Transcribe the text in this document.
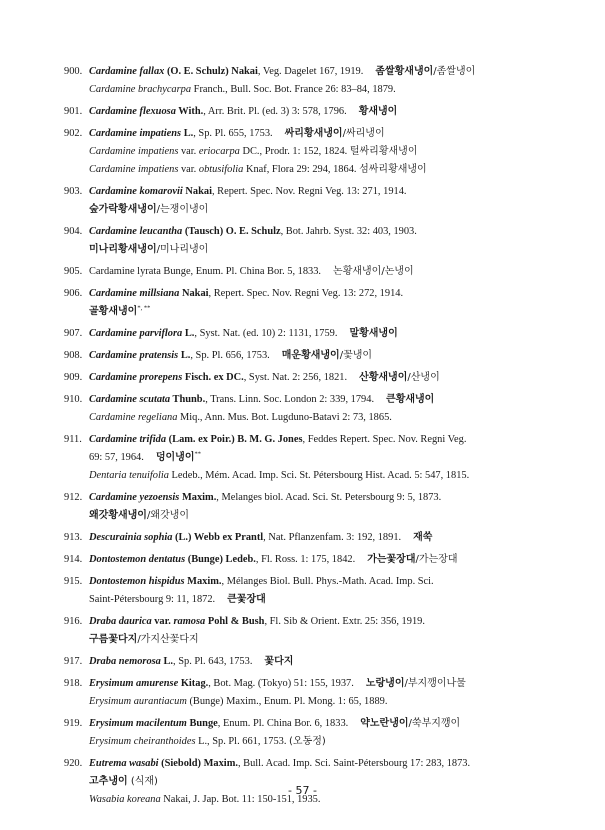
900. Cardamine fallax (O. E. Schulz) Nakai, Veg. Dagelet 167, 1919. 좀쌀황새냉이/좀쌀냉이
Cardamine brachycarpa Franch., Bull. Soc. Bot. France 26: 83–84, 1879.
901. Cardamine flexuosa With., Arr. Brit. Pl. (ed. 3) 3: 578, 1796. 황새냉이
902. Cardamine impatiens L., Sp. Pl. 655, 1753. 싸리황새냉이/싸리냉이
Cardamine impatiens var. eriocarpa DC., Prodr. 1: 152, 1824. 털싸리황새냉이
Cardamine impatiens var. obtusifolia Knaf, Flora 29: 294, 1864. 섬싸리황새냉이
903. Cardamine komarovii Nakai, Repert. Spec. Nov. Regni Veg. 13: 271, 1914.
숲가락황새냉이/는쟁이냉이
904. Cardamine leucantha (Tausch) O. E. Schulz, Bot. Jahrb. Syst. 32: 403, 1903.
미나리황새냉이/미나리냉이
905. Cardamine lyrata Bunge, Enum. Pl. China Bor. 5, 1833. 논황새냉이/논냉이
906. Cardamine millsiana Nakai, Repert. Spec. Nov. Regni Veg. 13: 272, 1914.
골황새냉이*, **
907. Cardamine parviflora L., Syst. Nat. (ed. 10) 2: 1131, 1759. 말황새냉이
908. Cardamine pratensis L., Sp. Pl. 656, 1753. 매운황새냉이/꽃냉이
909. Cardamine prorepens Fisch. ex DC., Syst. Nat. 2: 256, 1821. 산황새냉이/산냉이
910. Cardamine scutata Thunb., Trans. Linn. Soc. London 2: 339, 1794. 큰황새냉이
Cardamine regeliana Miq., Ann. Mus. Bot. Lugduno-Batavi 2: 73, 1865.
911. Cardamine trifida (Lam. ex Poir.) B. M. G. Jones, Feddes Repert. Spec. Nov. Regni Veg.
69: 57, 1964. 덩이냉이**
Dentaria tenuifolia Ledeb., Mém. Acad. Imp. Sci. St. Pétersbourg Hist. Acad. 5: 547, 1815.
912. Cardamine yezoensis Maxim., Melanges biol. Acad. Sci. St. Petersbourg 9: 5, 1873.
왜갓황새냉이/왜갓냉이
913. Descurainia sophia (L.) Webb ex Prantl, Nat. Pflanzenfam. 3: 192, 1891. 재쑥
914. Dontostemon dentatus (Bunge) Ledeb., Fl. Ross. 1: 175, 1842. 가는꽃장대/가는장대
915. Dontostemon hispidus Maxim., Mélanges Biol. Bull. Phys.-Math. Acad. Imp. Sci.
Saint-Pétersbourg 9: 11, 1872. 큰꽃장대
916. Draba daurica var. ramosa Pohl & Bush, Fl. Sib & Orient. Extr. 25: 356, 1919.
구름꽃다지/가지산꽃다지
917. Draba nemorosa L., Sp. Pl. 643, 1753. 꽃다지
918. Erysimum amurense Kitag., Bot. Mag. (Tokyo) 51: 155, 1937. 노랑냉이/부지깽이나물
Erysimum aurantiacum (Bunge) Maxim., Enum. Pl. Mong. 1: 65, 1889.
919. Erysimum macilentum Bunge, Enum. Pl. China Bor. 6, 1833. 약노란냉이/쑥부지깽이
Erysimum cheiranthoides L., Sp. Pl. 661, 1753. (오동정)
920. Eutrema wasabi (Siebold) Maxim., Bull. Acad. Imp. Sci. Saint-Pétersbourg 17: 283, 1873.
고추냉이 (식재)
Wasabia koreana Nakai, J. Jap. Bot. 11: 150-151, 1935.
- 57 -
